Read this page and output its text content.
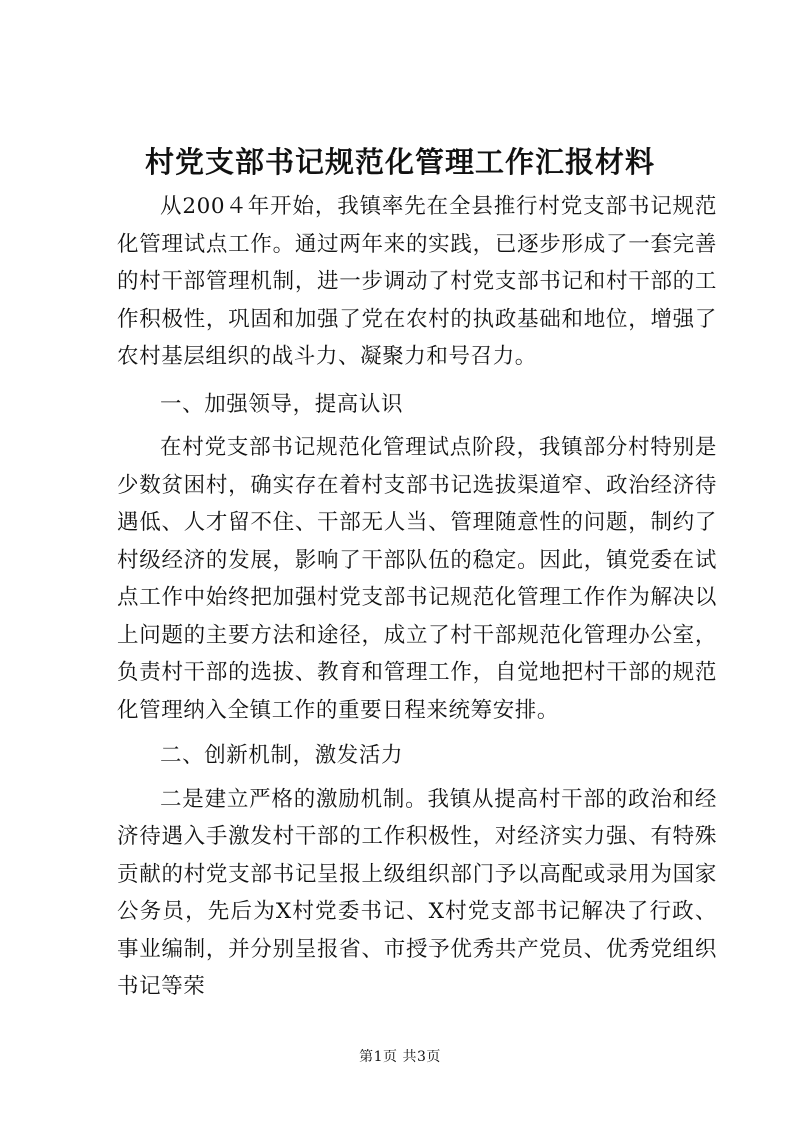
村党支部书记规范化管理工作汇报材料

从200４年开始，我镇率先在全县推行村党支部书记规范化管理试点工作。通过两年来的实践，已逐步形成了一套完善的村干部管理机制，进一步调动了村党支部书记和村干部的工作积极性，巩固和加强了党在农村的执政基础和地位，增强了农村基层组织的战斗力、凝聚力和号召力。

一、加强领导，提高认识

在村党支部书记规范化管理试点阶段，我镇部分村特别是少数贫困村，确实存在着村支部书记选拔渠道窄、政治经济待遇低、人才留不住、干部无人当、管理随意性的问题，制约了村级经济的发展，影响了干部队伍的稳定。因此，镇党委在试点工作中始终把加强村党支部书记规范化管理工作作为解决以上问题的主要方法和途径，成立了村干部规范化管理办公室，负责村干部的选拔、教育和管理工作，自觉地把村干部的规范化管理纳入全镇工作的重要日程来统筹安排。

二、创新机制，激发活力

二是建立严格的激励机制。我镇从提高村干部的政治和经济待遇入手激发村干部的工作积极性，对经济实力强、有特殊贡献的村党支部书记呈报上级组织部门予以高配或录用为国家公务员，先后为X村党委书记、X村党支部书记解决了行政、事业编制，并分别呈报省、市授予优秀共产党员、优秀党组织书记等荣

第1页 共3页
